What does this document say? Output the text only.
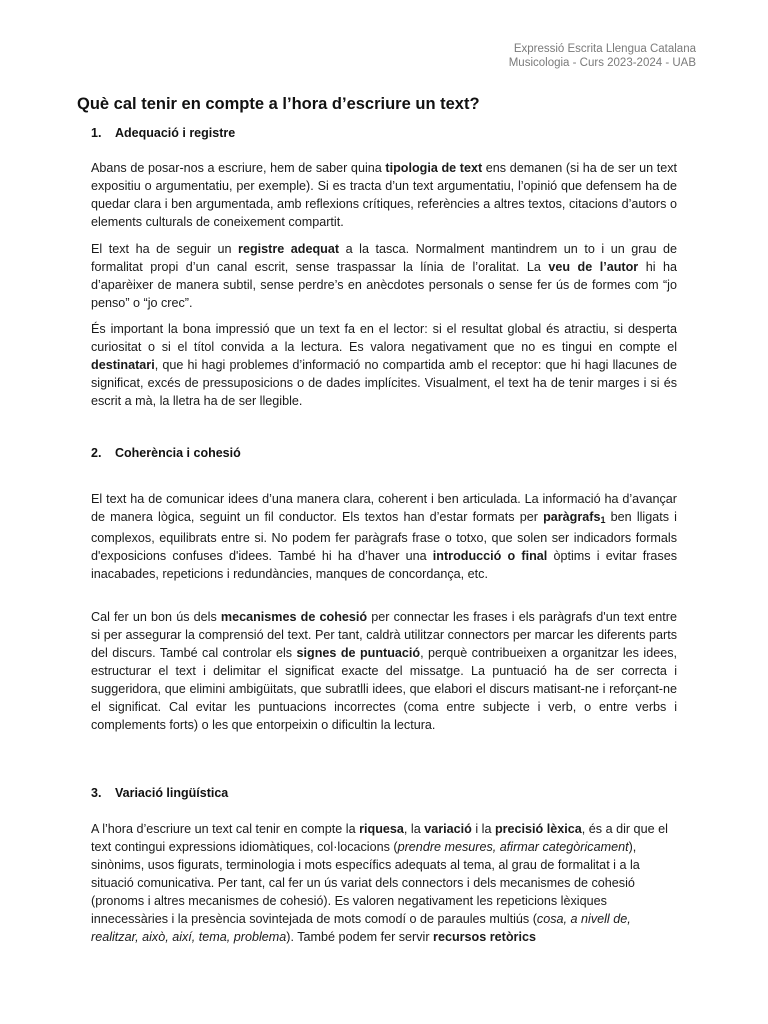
Expressió Escrita Llengua Catalana
Musicologia - Curs 2023-2024 - UAB
Què cal tenir en compte a l’hora d’escriure un text?
1. Adequació i registre

Abans de posar-nos a escriure, hem de saber quina tipologia de text ens demanen (si ha de ser un text expositiu o argumentatiu, per exemple). Si es tracta d’un text argumentatiu, l’opinió que defensem ha de quedar clara i ben argumentada, amb reflexions crítiques, referències a altres textos, citacions d’autors o elements culturals de coneixement compartit.

El text ha de seguir un registre adequat a la tasca. Normalment mantindrem un to i un grau de formalitat propi d’un canal escrit, sense traspassar la línia de l’oralitat. La veu de l’autor hi ha d’aparèixer de manera subtil, sense perdre’s en anècdotes personals o sense fer ús de formes com “jo penso” o “jo crec”.

És important la bona impressió que un text fa en el lector: si el resultat global és atractiu, si desperta curiositat o si el títol convida a la lectura. Es valora negativament que no es tingui en compte el destinatari, que hi hagi problemes d’informació no compartida amb el receptor: que hi hagi llacunes de significat, excés de pressuposicions o de dades implícites. Visualment, el text ha de tenir marges i si és escrit a mà, la lletra ha de ser llegible.

2. Coherència i cohesió

El text ha de comunicar idees d’una manera clara, coherent i ben articulada. La informació ha d’avançar de manera lògica, seguint un fil conductor. Els textos han d’estar formats per paràgrafs$_1$ ben lligats i complexos, equilibrats entre si. No podem fer paràgrafs frase o totxo, que solen ser indicadors formals d'exposicions confuses d'idees. També hi ha d’haver una introducció o final òptims i evitar frases inacabades, repeticions i redundàncies, manques de concordança, etc.

Cal fer un bon ús dels mecanismes de cohesió per connectar les frases i els paràgrafs d'un text entre si per assegurar la comprensió del text. Per tant, caldrà utilitzar connectors per marcar les diferents parts del discurs. També cal controlar els signes de puntuació, perquè contribueixen a organitzar les idees, estructurar el text i delimitar el significat exacte del missatge. La puntuació ha de ser correcta i suggeridora, que elimini ambigüitats, que subratlli idees, que elabori el discurs matisant-ne i reforçant-ne el significat. Cal evitar les puntuacions incorrectes (coma entre subjecte i verb, o entre verbs i complements forts) o les que entorpeixin o dificultin la lectura.

3. Variació lingüística

A l’hora d’escriure un text cal tenir en compte la riquesa, la variació i la precisió lèxica, és a dir que el text contingui expressions idiomàtiques, col·locacions (prendre mesures, afirmar categòricament), sinònims, usos figurats, terminologia i mots específics adequats al tema, al grau de formalitat i a la situació comunicativa. Per tant, cal fer un ús variat dels connectors i dels mecanismes de cohesió (pronoms i altres mecanismes de cohesió). Es valoren negativament les repeticions lèxiques innecessàries i la presència sovintejada de mots comodí o de paraules multiús (cosa, a nivell de, realitzar, això, així, tema, problema). També podem fer servir recursos retòrics
